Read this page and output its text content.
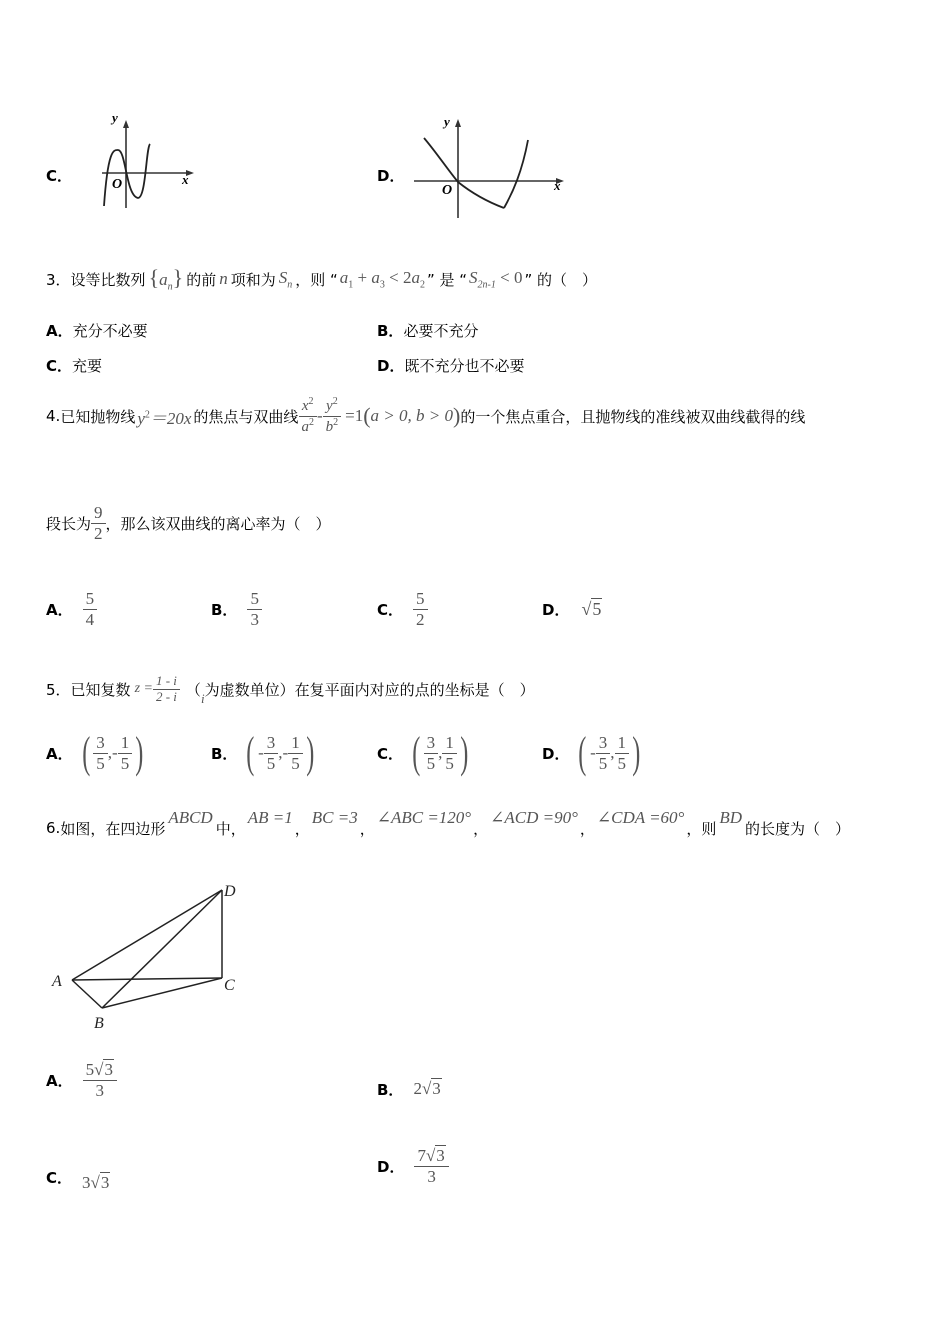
C．
y
x
O	D．
y
x
O
3． 设等比数列 $\{a_n\}$ 的前 n 项和为 $S_n$ ，则 “ $a_1 + a_3 < 2a_2$ ” 是 “ $S_{2n-1} < 0$ ” 的（　）
A．充分不必要	B．必要不充分
C．充要	D．既不充分也不必要
4. 已知抛物线 $y^2=20x$ 的焦点与双曲线 $\frac{x^2}{a^2} - \frac{y^2}{b^2} =1$ ( a > 0, b > 0 ) 的一个焦点重合，且抛物线的准线被双曲线截得的线
段长为 $\frac{9}{2}$ ，那么该双曲线的离心率为（　）
A． $\frac{5}{4}$	B． $\frac{5}{3}$	C． $\frac{5}{2}$	D． √5
5． 已知复数 $z = \frac{1 - i}{2 - i}$ （ i 为虚数单位）在复平面内对应的点的坐标是（　）
A． ( $\frac{3}{5}$ , - $\frac{1}{5}$ )	B． ( - $\frac{3}{5}$ , - $\frac{1}{5}$ )	C． ( $\frac{3}{5}$ , $\frac{1}{5}$ )	D． ( - $\frac{3}{5}$ , $\frac{1}{5}$ )
6. 如图，在四边形
ABCD
中，
AB =1
，
BC =3
，
∠ABC =120°
，
∠ACD =90°
，
∠CDA =60°
，则
BD
的长度为（　）
A
B
C
D
A． $\frac{5√3}{3}$	B． 2√3
C． 3√3
D． $\frac{7√3}{3}$
